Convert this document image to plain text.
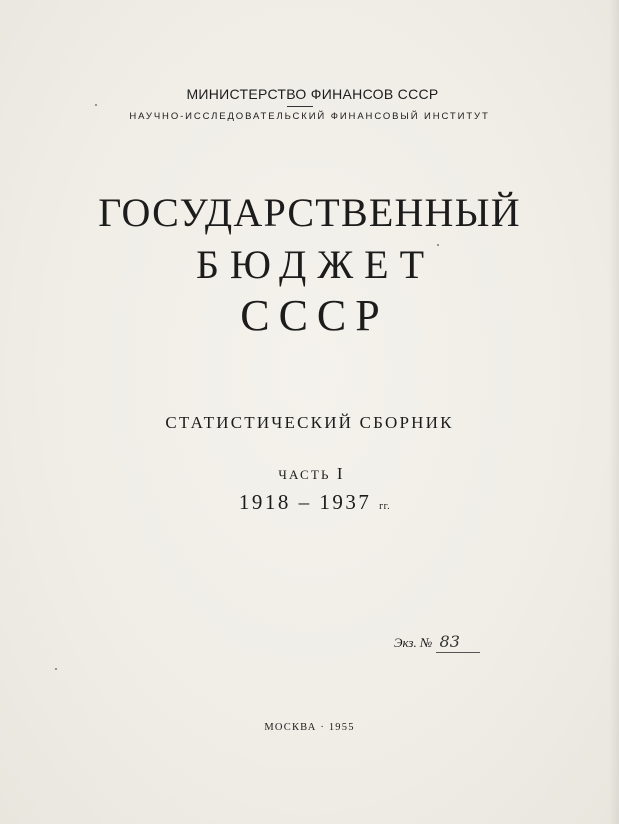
МИНИСТЕРСТВО ФИНАНСОВ СССР
НАУЧНО-ИССЛЕДОВАТЕЛЬСКИЙ ФИНАНСОВЫЙ ИНСТИТУТ
ГОСУДАРСТВЕННЫЙ
БЮДЖЕТ
СССР
СТАТИСТИЧЕСКИЙ СБОРНИК
ЧАСТЬ I
1918 – 1937 гг.
Экз. № 83
МОСКВА · 1955
